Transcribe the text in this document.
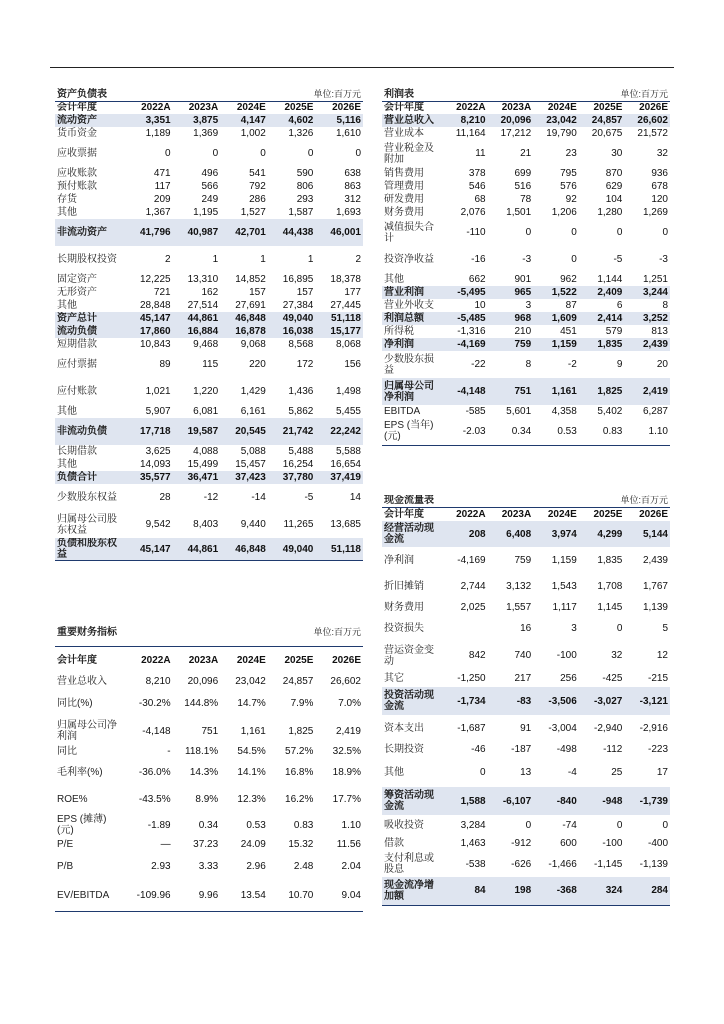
资产负债表			单位:百万元		
会计年度	2022A	2023A	2024E	2025E	2026E
流动资产	3,351	3,875	4,147	4,602	5,116
货币资金	1,189	1,369	1,002	1,326	1,610
应收票据	0	0	0	0	0
应收账款	471	496	541	590	638
预付账款	117	566	792	806	863
存货	209	249	286	293	312
其他	1,367	1,195	1,527	1,587	1,693
非流动资产	41,796	40,987	42,701	44,438	46,001
长期股权投资	2	1	1	1	2
固定资产	12,225	13,310	14,852	16,895	18,378
无形资产	721	162	157	157	177
其他	28,848	27,514	27,691	27,384	27,445
资产总计	45,147	44,861	46,848	49,040	51,118
流动负债	17,860	16,884	16,878	16,038	15,177
短期借款	10,843	9,468	9,068	8,568	8,068
应付票据	89	115	220	172	156
应付账款	1,021	1,220	1,429	1,436	1,498
其他	5,907	6,081	6,161	5,862	5,455
非流动负债	17,718	19,587	20,545	21,742	22,242
长期借款	3,625	4,088	5,088	5,488	5,588
其他	14,093	15,499	15,457	16,254	16,654
负债合计	35,577	36,471	37,423	37,780	37,419
少数股东权益	28	-12	-14	-5	14
归属母公司股东权益	9,542	8,403	9,440	11,265	13,685
负债和股东权益	45,147	44,861	46,848	49,040	51,118
利润表			单位:百万元		
会计年度	2022A	2023A	2024E	2025E	2026E
营业总收入	8,210	20,096	23,042	24,857	26,602
营业成本	11,164	17,212	19,790	20,675	21,572
营业税金及附加	11	21	23	30	32
销售费用	378	699	795	870	936
管理费用	546	516	576	629	678
研发费用	68	78	92	104	120
财务费用	2,076	1,501	1,206	1,280	1,269
减值损失合计	-110	0	0	0	0
投资净收益	-16	-3	0	-5	-3
其他	662	901	962	1,144	1,251
营业利润	-5,495	965	1,522	2,409	3,244
营业外收支	10	3	87	6	8
利润总额	-5,485	968	1,609	2,414	3,252
所得税	-1,316	210	451	579	813
净利润	-4,169	759	1,159	1,835	2,439
少数股东损益	-22	8	-2	9	20
归属母公司净利润	-4,148	751	1,161	1,825	2,419
EBITDA	-585	5,601	4,358	5,402	6,287
EPS (当年)(元)	-2.03	0.34	0.53	0.83	1.10
重要财务指标			单位:百万元		
会计年度	2022A	2023A	2024E	2025E	2026E
营业总收入	8,210	20,096	23,042	24,857	26,602
同比(%)	-30.2%	144.8%	14.7%	7.9%	7.0%
归属母公司净利润	-4,148	751	1,161	1,825	2,419
同比	-	118.1%	54.5%	57.2%	32.5%
毛利率(%)	-36.0%	14.3%	14.1%	16.8%	18.9%
ROE%	-43.5%	8.9%	12.3%	16.2%	17.7%
EPS (摊薄)(元)	-1.89	0.34	0.53	0.83	1.10
P/E	—	37.23	24.09	15.32	11.56
P/B	2.93	3.33	2.96	2.48	2.04
EV/EBITDA	-109.96	9.96	13.54	10.70	9.04
现金流量表			单位:百万元		
会计年度	2022A	2023A	2024E	2025E	2026E
经营活动现金流	208	6,408	3,974	4,299	5,144
净利润	-4,169	759	1,159	1,835	2,439
折旧摊销	2,744	3,132	1,543	1,708	1,767
财务费用	2,025	1,557	1,117	1,145	1,139
投资损失		16	3	0	5
营运资金变动	842	740	-100	32	12
其它	-1,250	217	256	-425	-215
投资活动现金流	-1,734	-83	-3,506	-3,027	-3,121
资本支出	-1,687	91	-3,004	-2,940	-2,916
长期投资	-46	-187	-498	-112	-223
其他	0	13	-4	25	17
筹资活动现金流	1,588	-6,107	-840	-948	-1,739
吸收投资	3,284	0	-74	0	0
借款	1,463	-912	600	-100	-400
支付利息或股息	-538	-626	-1,466	-1,145	-1,139
现金流净增加额	84	198	-368	324	284
